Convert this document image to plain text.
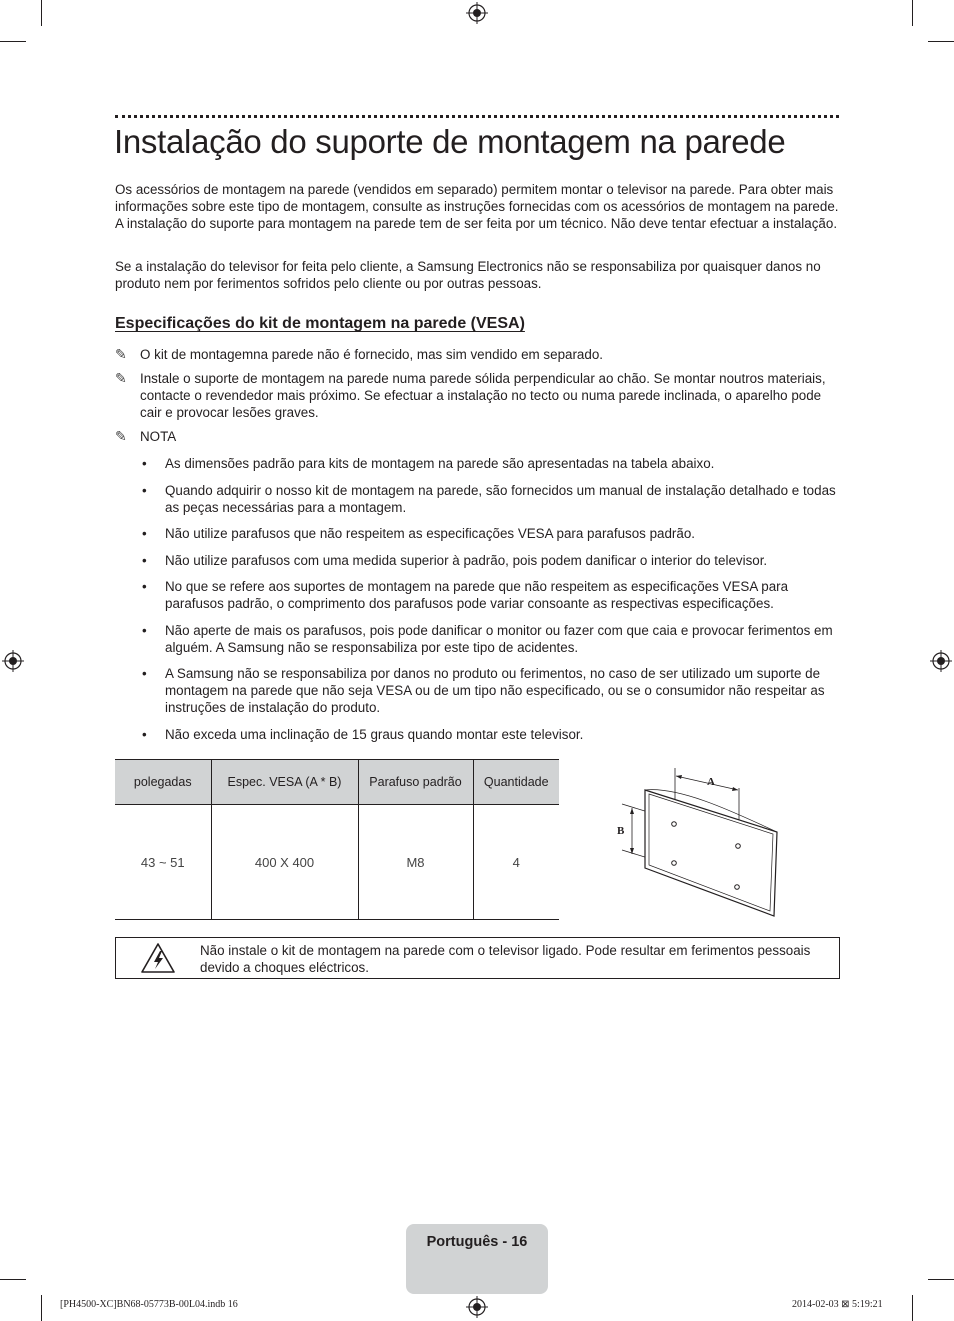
Instalação do suporte de montagem na parede

Os acessórios de montagem na parede (vendidos em separado) permitem montar o televisor na parede. Para obter mais informações sobre este tipo de montagem, consulte as instruções fornecidas com os acessórios de montagem na parede. A instalação do suporte para montagem na parede tem de ser feita por um técnico. Não deve tentar efectuar a instalação.

Se a instalação do televisor for feita pelo cliente, a Samsung Electronics não se responsabiliza por quaisquer danos no produto nem por ferimentos sofridos pelo cliente ou por outras pessoas.

Especificações do kit de montagem na parede (VESA)
✎ O kit de montagemna parede não é fornecido, mas sim vendido em separado.
✎ Instale o suporte de montagem na parede numa parede sólida perpendicular ao chão. Se montar noutros materiais, contacte o revendedor mais próximo. Se efectuar a instalação no tecto ou numa parede inclinada, o aparelho pode cair e provocar lesões graves.
✎ NOTA
• As dimensões padrão para kits de montagem na parede são apresentadas na tabela abaixo.
• Quando adquirir o nosso kit de montagem na parede, são fornecidos um manual de instalação detalhado e todas as peças necessárias para a montagem.
• Não utilize parafusos que não respeitem as especificações VESA para parafusos padrão.
• Não utilize parafusos com uma medida superior à padrão, pois podem danificar o interior do televisor.
• No que se refere aos suportes de montagem na parede que não respeitem as especificações VESA para parafusos padrão, o comprimento dos parafusos pode variar consoante as respectivas especificações.
• Não aperte de mais os parafusos, pois pode danificar o monitor ou fazer com que caia e provocar ferimentos em alguém. A Samsung não se responsabiliza por este tipo de acidentes.
• A Samsung não se responsabiliza por danos no produto ou ferimentos, no caso de ser utilizado um suporte de montagem na parede que não seja VESA ou de um tipo não especificado, ou se o consumidor não respeitar as instruções de instalação do produto.
• Não exceda uma inclinação de 15 graus quando montar este televisor.
polegadas	Espec. VESA (A * B)	Parafuso padrão	Quantidade
43 ~ 51	400 X 400	M8	4
A
B
Não instale o kit de montagem na parede com o televisor ligado. Pode resultar em ferimentos pessoais devido a choques eléctricos.
Português - 16
[PH4500-XC]BN68-05773B-00L04.indb 16	2014-02-03 ⊠ 5:19:21
